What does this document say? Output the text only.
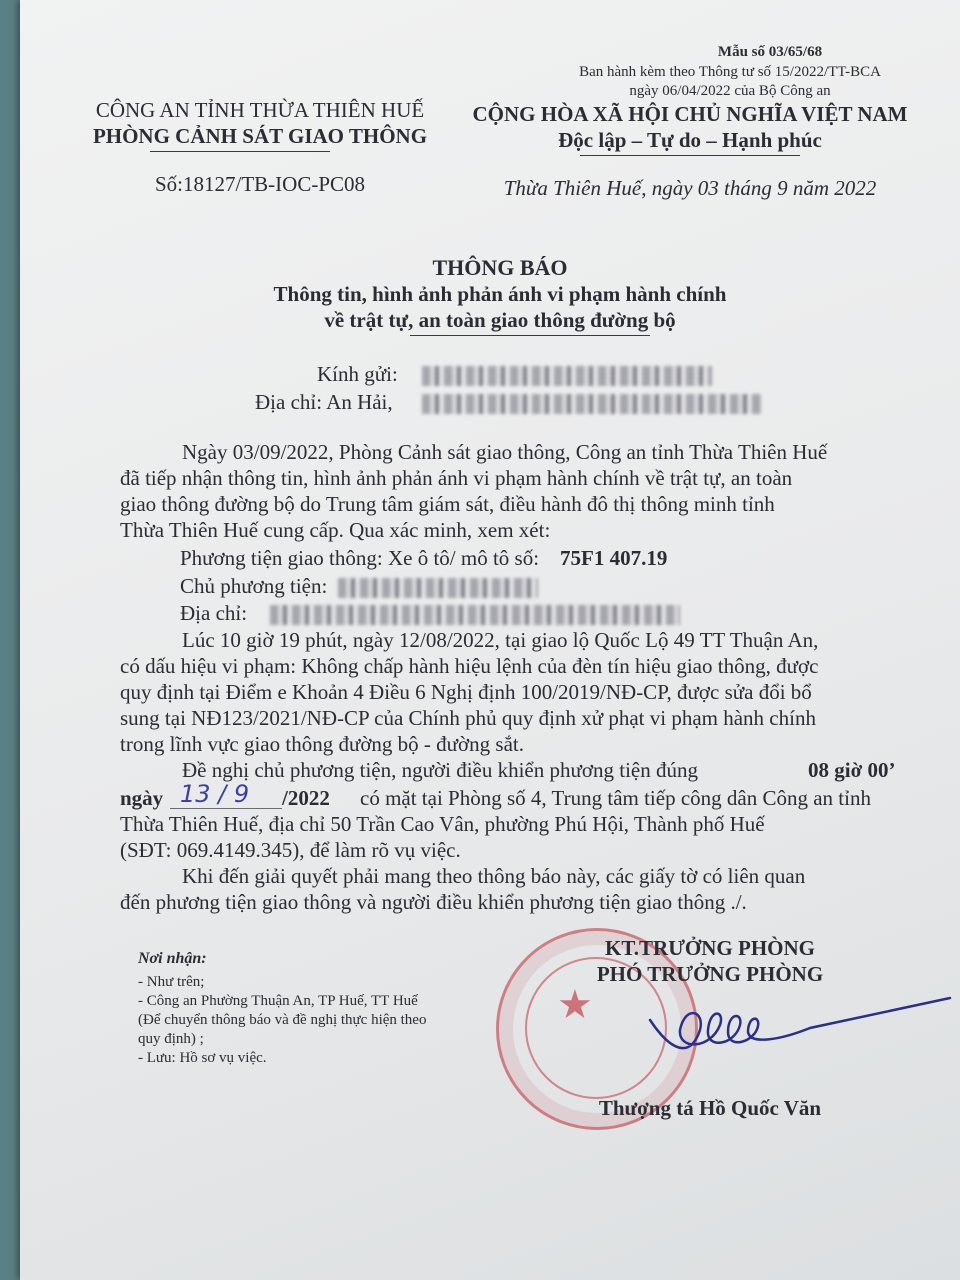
Mẫu số 03/65/68
Ban hành kèm theo Thông tư số 15/2022/TT-BCA
ngày 06/04/2022 của Bộ Công an
CÔNG AN TỈNH THỪA THIÊN HUẾ
PHÒNG CẢNH SÁT GIAO THÔNG
Số:18127/TB-IOC-PC08
CỘNG HÒA XÃ HỘI CHỦ NGHĨA VIỆT NAM
Độc lập – Tự do – Hạnh phúc
Thừa Thiên Huế, ngày 03 tháng 9 năm 2022
THÔNG BÁO
Thông tin, hình ảnh phản ánh vi phạm hành chính
về trật tự, an toàn giao thông đường bộ
Kính gửi:
Địa chỉ: An Hải,
Ngày 03/09/2022, Phòng Cảnh sát giao thông, Công an tỉnh Thừa Thiên Huế
đã tiếp nhận thông tin, hình ảnh phản ánh vi phạm hành chính về trật tự, an toàn
giao thông đường bộ do Trung tâm giám sát, điều hành đô thị thông minh tỉnh
Thừa Thiên Huế cung cấp. Qua xác minh, xem xét:
Phương tiện giao thông: Xe ô tô/ mô tô số: 75F1 407.19
Chủ phương tiện:
Địa chỉ:
Lúc 10 giờ 19 phút, ngày 12/08/2022, tại giao lộ Quốc Lộ 49 TT Thuận An,
có dấu hiệu vi phạm: Không chấp hành hiệu lệnh của đèn tín hiệu giao thông, được
quy định tại Điểm e Khoản 4 Điều 6 Nghị định 100/2019/NĐ-CP, được sửa đổi bổ
sung tại NĐ123/2021/NĐ-CP của Chính phủ quy định xử phạt vi phạm hành chính
trong lĩnh vực giao thông đường bộ - đường sắt.
Đề nghị chủ phương tiện, người điều khiển phương tiện đúng	08 giờ 00’
ngày 13 / 9 /2022 có mặt tại Phòng số 4, Trung tâm tiếp công dân Công an tỉnh
Thừa Thiên Huế, địa chỉ 50 Trần Cao Vân, phường Phú Hội, Thành phố Huế
(SĐT: 069.4149.345), để làm rõ vụ việc.
Khi đến giải quyết phải mang theo thông báo này, các giấy tờ có liên quan
đến phương tiện giao thông và người điều khiển phương tiện giao thông ./.
Nơi nhận:
- Như trên;
- Công an Phường Thuận An, TP Huế, TT Huế
(Để chuyển thông báo và đề nghị thực hiện theo
quy định) ;
- Lưu: Hồ sơ vụ việc.
★
KT.TRƯỞNG PHÒNG
PHÓ TRƯỞNG PHÒNG
Thượng tá Hồ Quốc Văn
